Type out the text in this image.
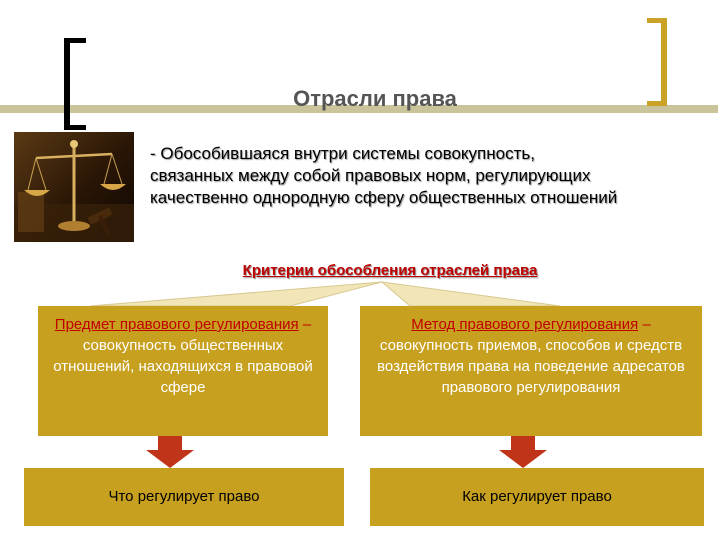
Отрасли права
- Обособившаяся внутри системы совокупность, связанных между собой правовых норм, регулирующих качественно однородную сферу общественных отношений
Критерии обособления отраслей права
Предмет правового регулирования – совокупность общественных отношений, находящихся в правовой сфере
Метод правового регулирования – совокупность приемов, способов и средств воздействия права на поведение адресатов правового регулирования
Что регулирует право	Как регулирует право
